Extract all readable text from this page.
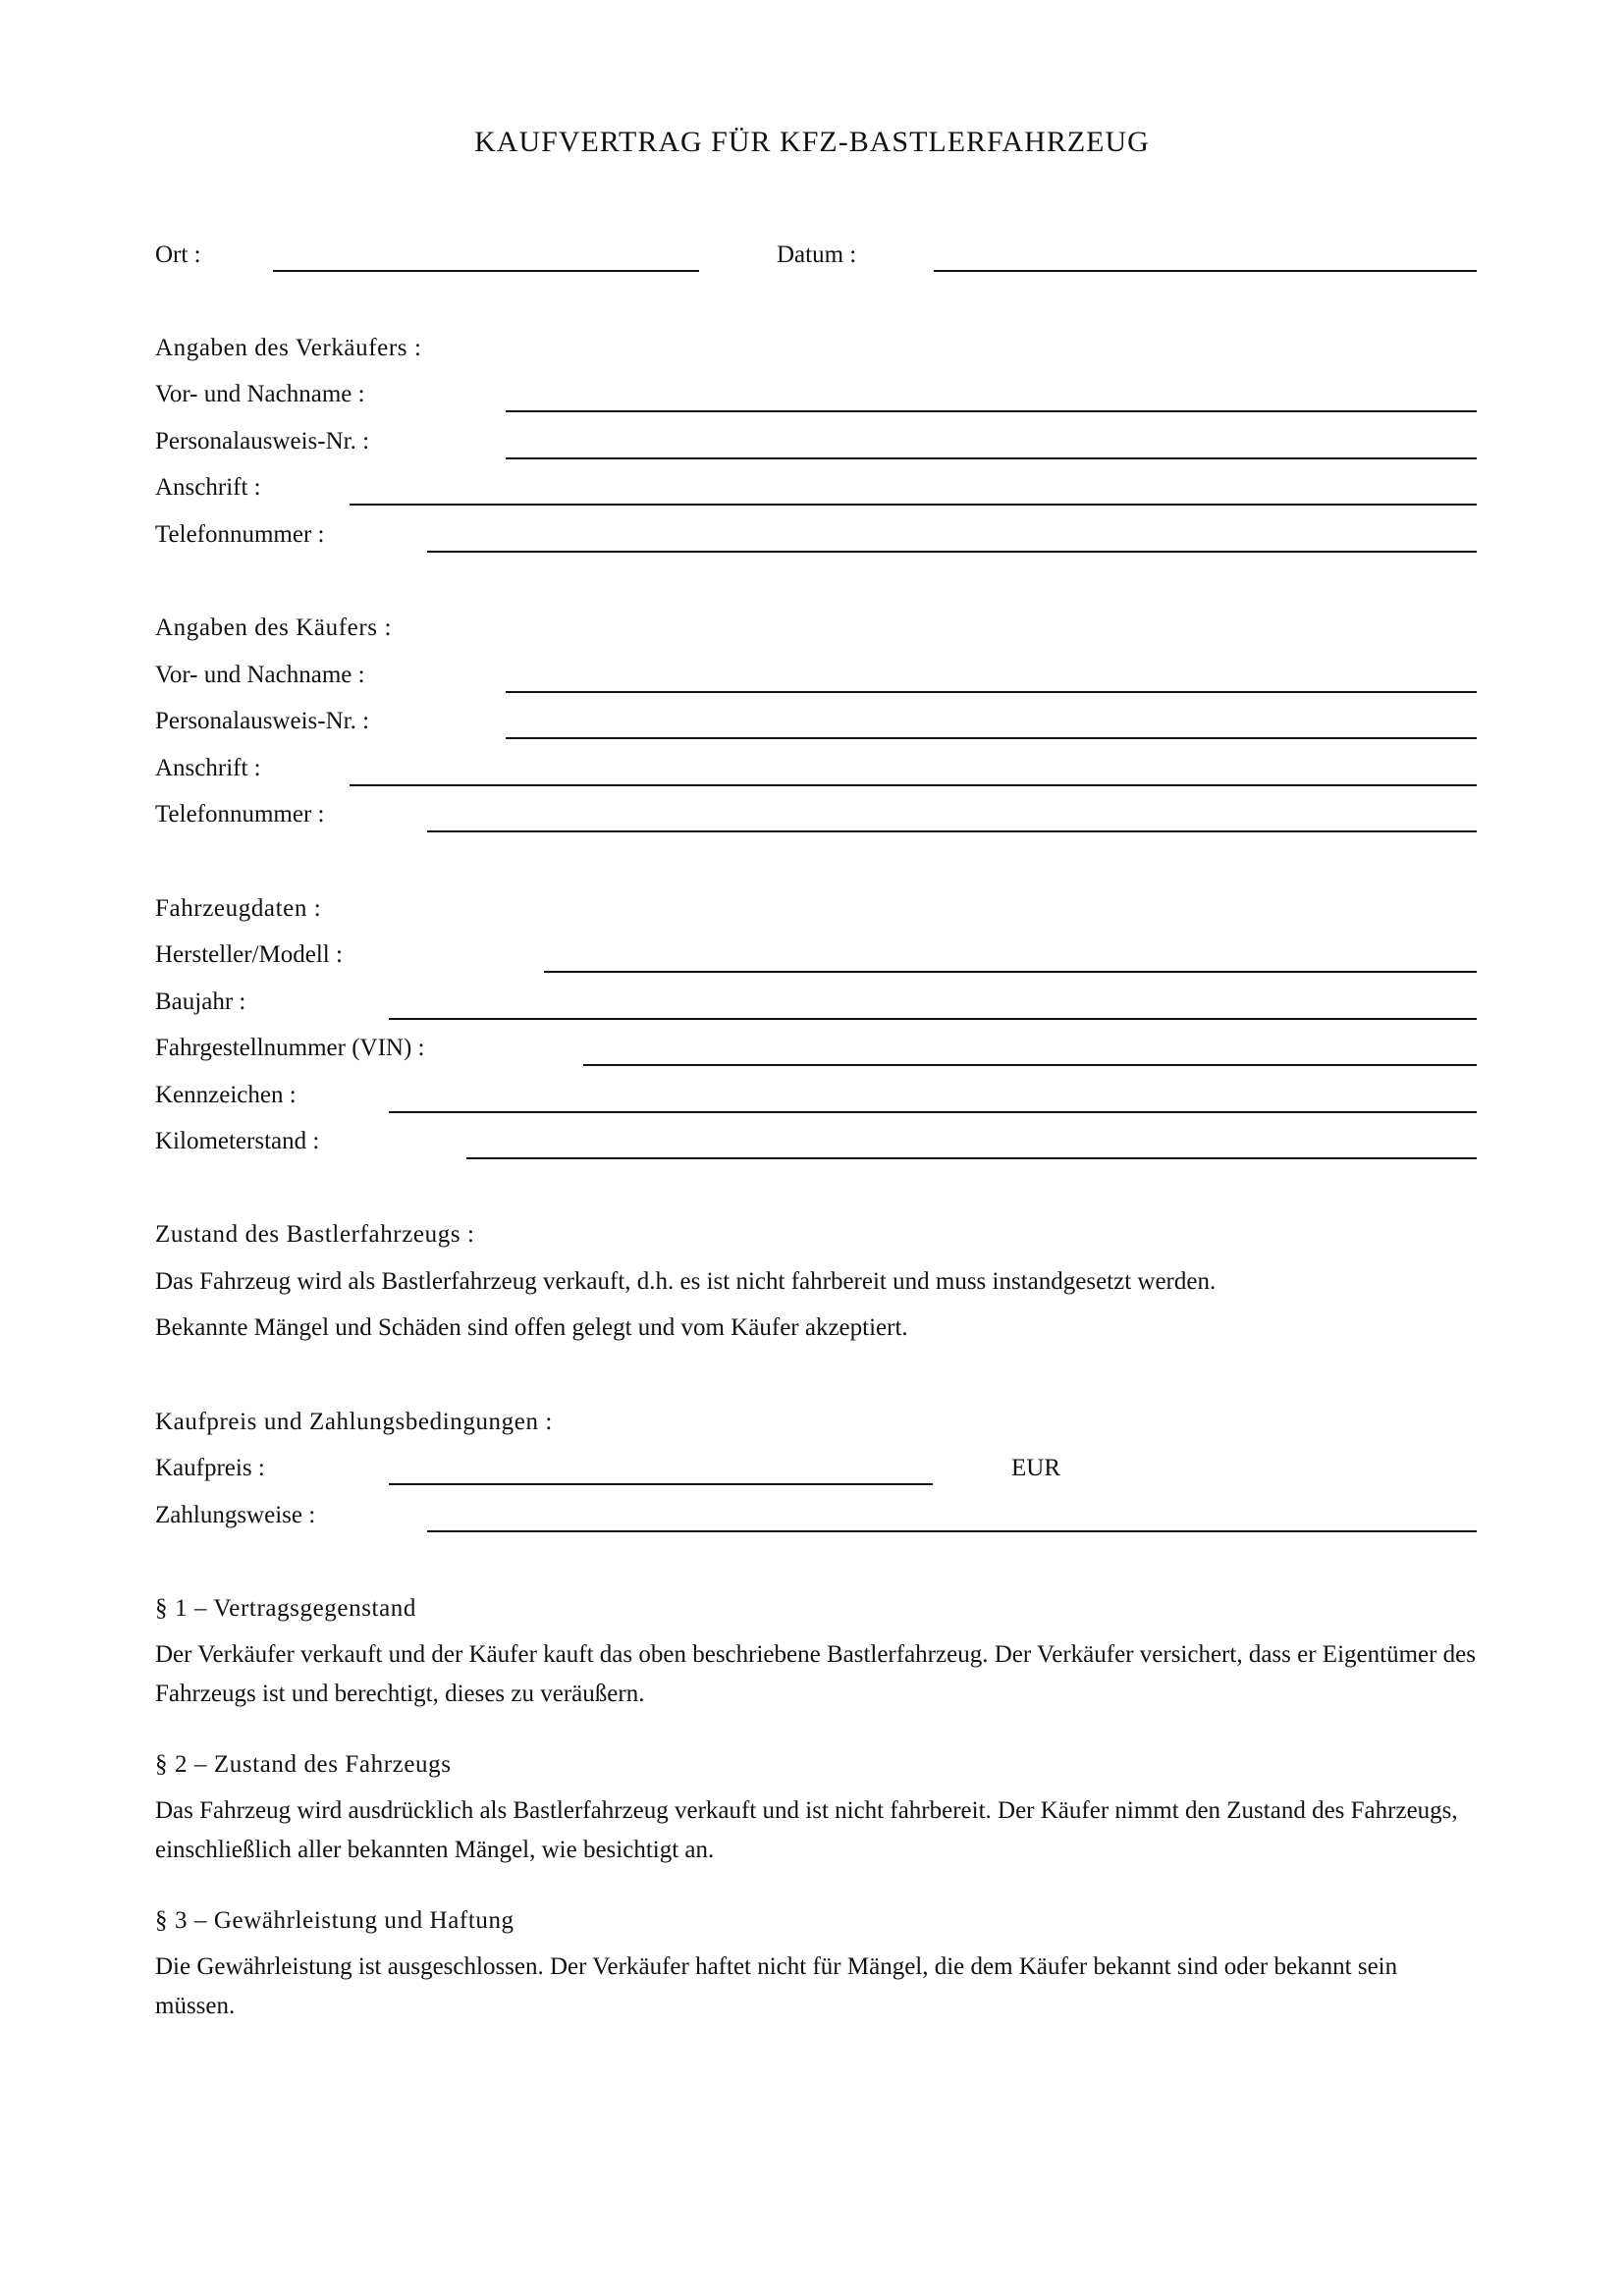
KAUFVERTRAG FÜR KFZ-BASTLERFAHRZEUG
Ort :	Datum :
Angaben des Verkäufers :
Vor- und Nachname :
Personalausweis-Nr. :
Anschrift :
Telefonnummer :
Angaben des Käufers :
Vor- und Nachname :
Personalausweis-Nr. :
Anschrift :
Telefonnummer :
Fahrzeugdaten :
Hersteller/Modell :
Baujahr :
Fahrgestellnummer (VIN) :
Kennzeichen :
Kilometerstand :
Zustand des Bastlerfahrzeugs :
Das Fahrzeug wird als Bastlerfahrzeug verkauft, d.h. es ist nicht fahrbereit und muss instandgesetzt werden.
Bekannte Mängel und Schäden sind offen gelegt und vom Käufer akzeptiert.
Kaufpreis und Zahlungsbedingungen :
Kaufpreis :	EUR
Zahlungsweise :
§ 1 – Vertragsgegenstand

Der Verkäufer verkauft und der Käufer kauft das oben beschriebene Bastlerfahrzeug. Der Verkäufer versichert, dass er Eigentümer des Fahrzeugs ist und berechtigt, dieses zu veräußern.

§ 2 – Zustand des Fahrzeugs

Das Fahrzeug wird ausdrücklich als Bastlerfahrzeug verkauft und ist nicht fahrbereit. Der Käufer nimmt den Zustand des Fahrzeugs, einschließlich aller bekannten Mängel, wie besichtigt an.

§ 3 – Gewährleistung und Haftung

Die Gewährleistung ist ausgeschlossen. Der Verkäufer haftet nicht für Mängel, die dem Käufer bekannt sind oder bekannt sein müssen.
